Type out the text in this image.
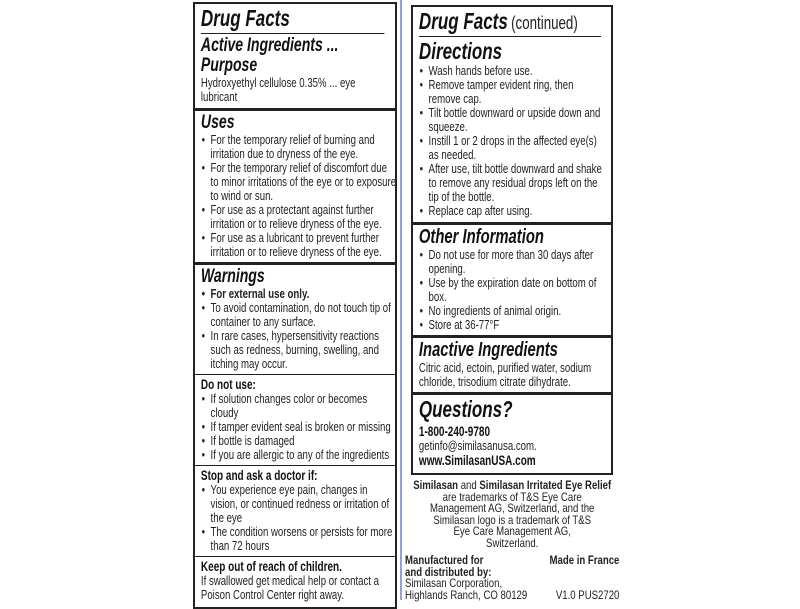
Drug Facts
Active Ingredients ... Purpose
Hydroxyethyl cellulose 0.35% ... eye lubricant
Uses
• For the temporary relief of burning and irritation due to dryness of the eye.
• For the temporary relief of discomfort due to minor irritations of the eye or to exposure to wind or sun.
• For use as a protectant against further irritation or to relieve dryness of the eye.
• For use as a lubricant to prevent further irritation or to relieve dryness of the eye.
Warnings
• For external use only.
• To avoid contamination, do not touch tip of container to any surface.
• In rare cases, hypersensitivity reactions such as redness, burning, swelling, and itching may occur.
Do not use:
• If solution changes color or becomes cloudy
• If tamper evident seal is broken or missing
• If bottle is damaged
• If you are allergic to any of the ingredients
Stop and ask a doctor if:
• You experience eye pain, changes in vision, or continued redness or irritation of the eye
• The condition worsens or persists for more than 72 hours
Keep out of reach of children.
If swallowed get medical help or contact a Poison Control Center right away.
Drug Facts (continued)
Directions
• Wash hands before use.
• Remove tamper evident ring, then remove cap.
• Tilt bottle downward or upside down and squeeze.
• Instill 1 or 2 drops in the affected eye(s) as needed.
• After use, tilt bottle downward and shake to remove any residual drops left on the tip of the bottle.
• Replace cap after using.
Other Information
• Do not use for more than 30 days after opening.
• Use by the expiration date on bottom of box.
• No ingredients of animal origin.
• Store at 36-77°F
Inactive Ingredients
Citric acid, ectoin, purified water, sodium chloride, trisodium citrate dihydrate.
Questions?
1-800-240-9780
getinfo@similasanusa.com.
www.SimilasanUSA.com
Similasan and Similasan Irritated Eye Relief
are trademarks of T&S Eye Care Management AG, Switzerland, and the Similasan logo is a trademark of T&S Eye Care Management AG, Switzerland.
Manufactured for and distributed by:
Made in France
Similasan Corporation,
Highlands Ranch, CO 80129 V1.0 PUS2720
